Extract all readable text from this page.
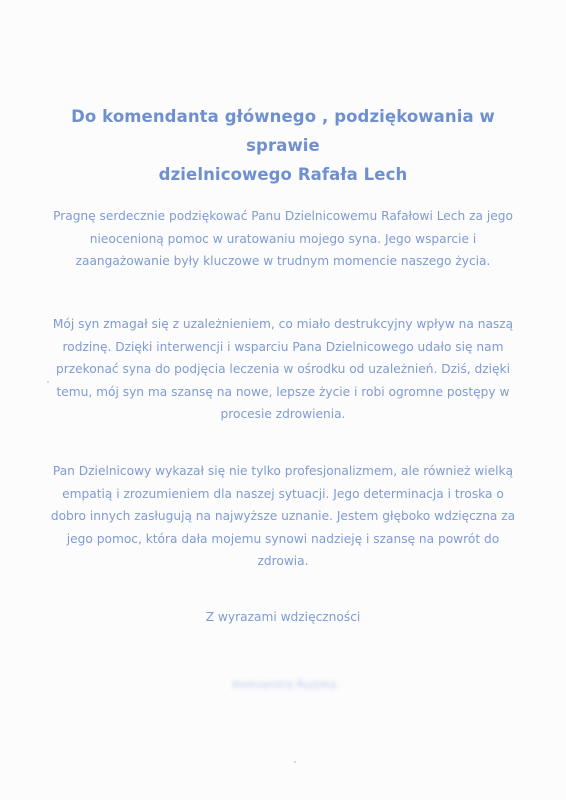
Do komendanta głównego , podziękowania w sprawie
dzielnicowego Rafała Lech

Pragnę serdecznie podziękować Panu Dzielnicowemu Rafałowi Lech za jego nieocenioną pomoc w uratowaniu mojego syna. Jego wsparcie i zaangażowanie były kluczowe w trudnym momencie naszego życia.

Mój syn zmagał się z uzależnieniem, co miało destrukcyjny wpływ na naszą rodzinę. Dzięki interwencji i wsparciu Pana Dzielnicowego udało się nam przekonać syna do podjęcia leczenia w ośrodku od uzależnień. Dziś, dzięki temu, mój syn ma szansę na nowe, lepsze życie i robi ogromne postępy w procesie zdrowienia.

Pan Dzielnicowy wykazał się nie tylko profesjonalizmem, ale również wielką empatią i zrozumieniem dla naszej sytuacji. Jego determinacja i troska o dobro innych zasługują na najwyższe uznanie. Jestem głęboko wdzięczna za jego pomoc, która dała mojemu synowi nadzieję i szansę na powrót do zdrowia.

Z wyrazami wdzięczności
Aleksandra Rudzka
